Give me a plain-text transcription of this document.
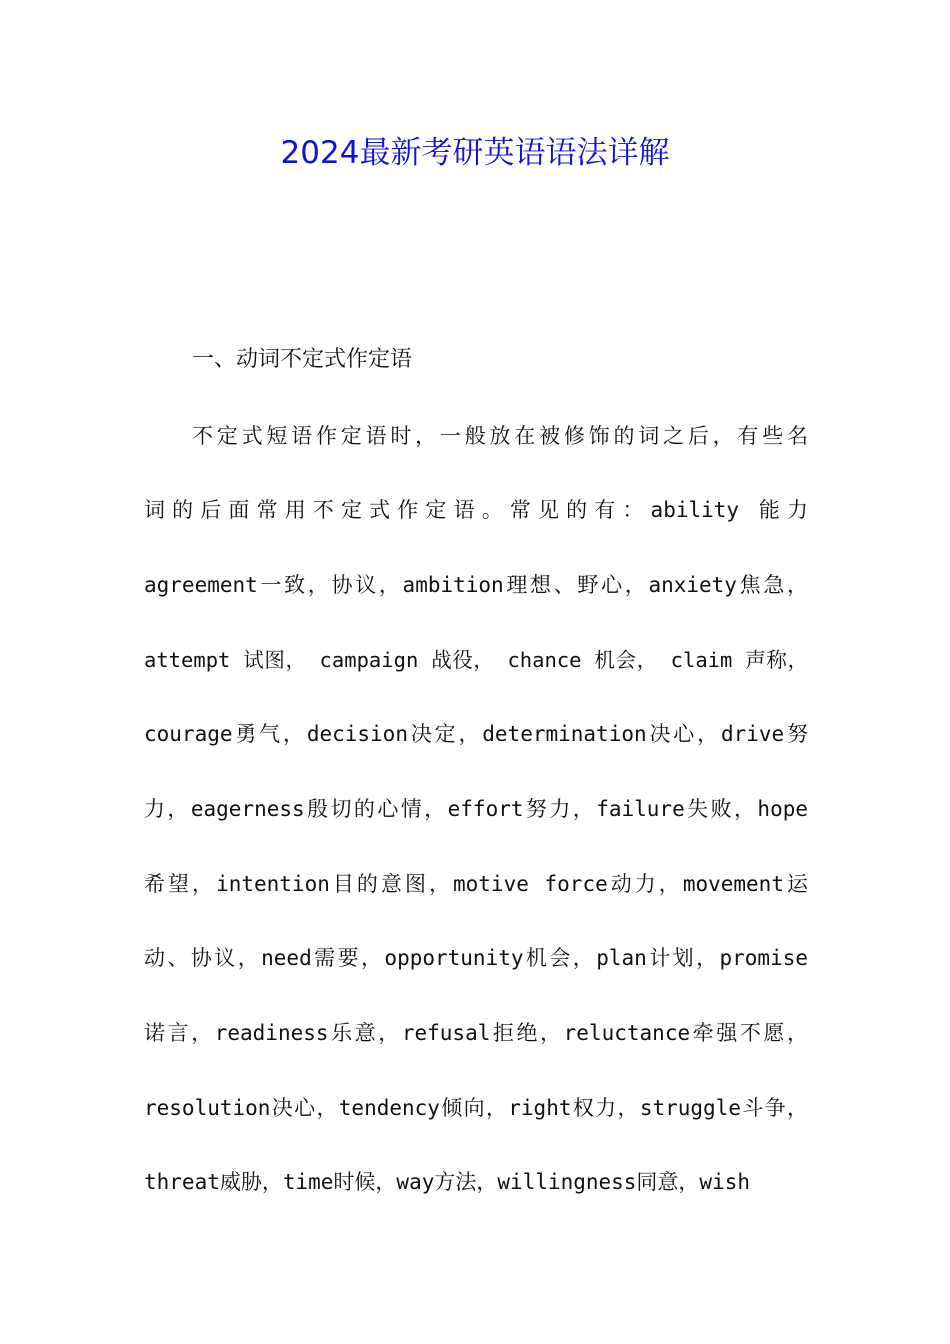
2024最新考研英语语法详解

一、动词不定式作定语

不定式短语作定语时，一般放在被修饰的词之后，有些名

词的后面常用不定式作定语。常见的有：ability 能力

agreement一致，协议，ambition理想、野心，anxiety焦急，

attempt 试图， campaign 战役， chance 机会， claim 声称，

courage勇气，decision决定，determination决心，drive努

力，eagerness殷切的心情，effort努力，failure失败，hope

希望，intention目的意图，motive force动力，movement运

动、协议，need需要，opportunity机会，plan计划，promise

诺言，readiness乐意，refusal拒绝，reluctance牵强不愿，

resolution决心，tendency倾向，right权力，struggle斗争，

threat威胁，time时候，way方法，willingness同意，wish
